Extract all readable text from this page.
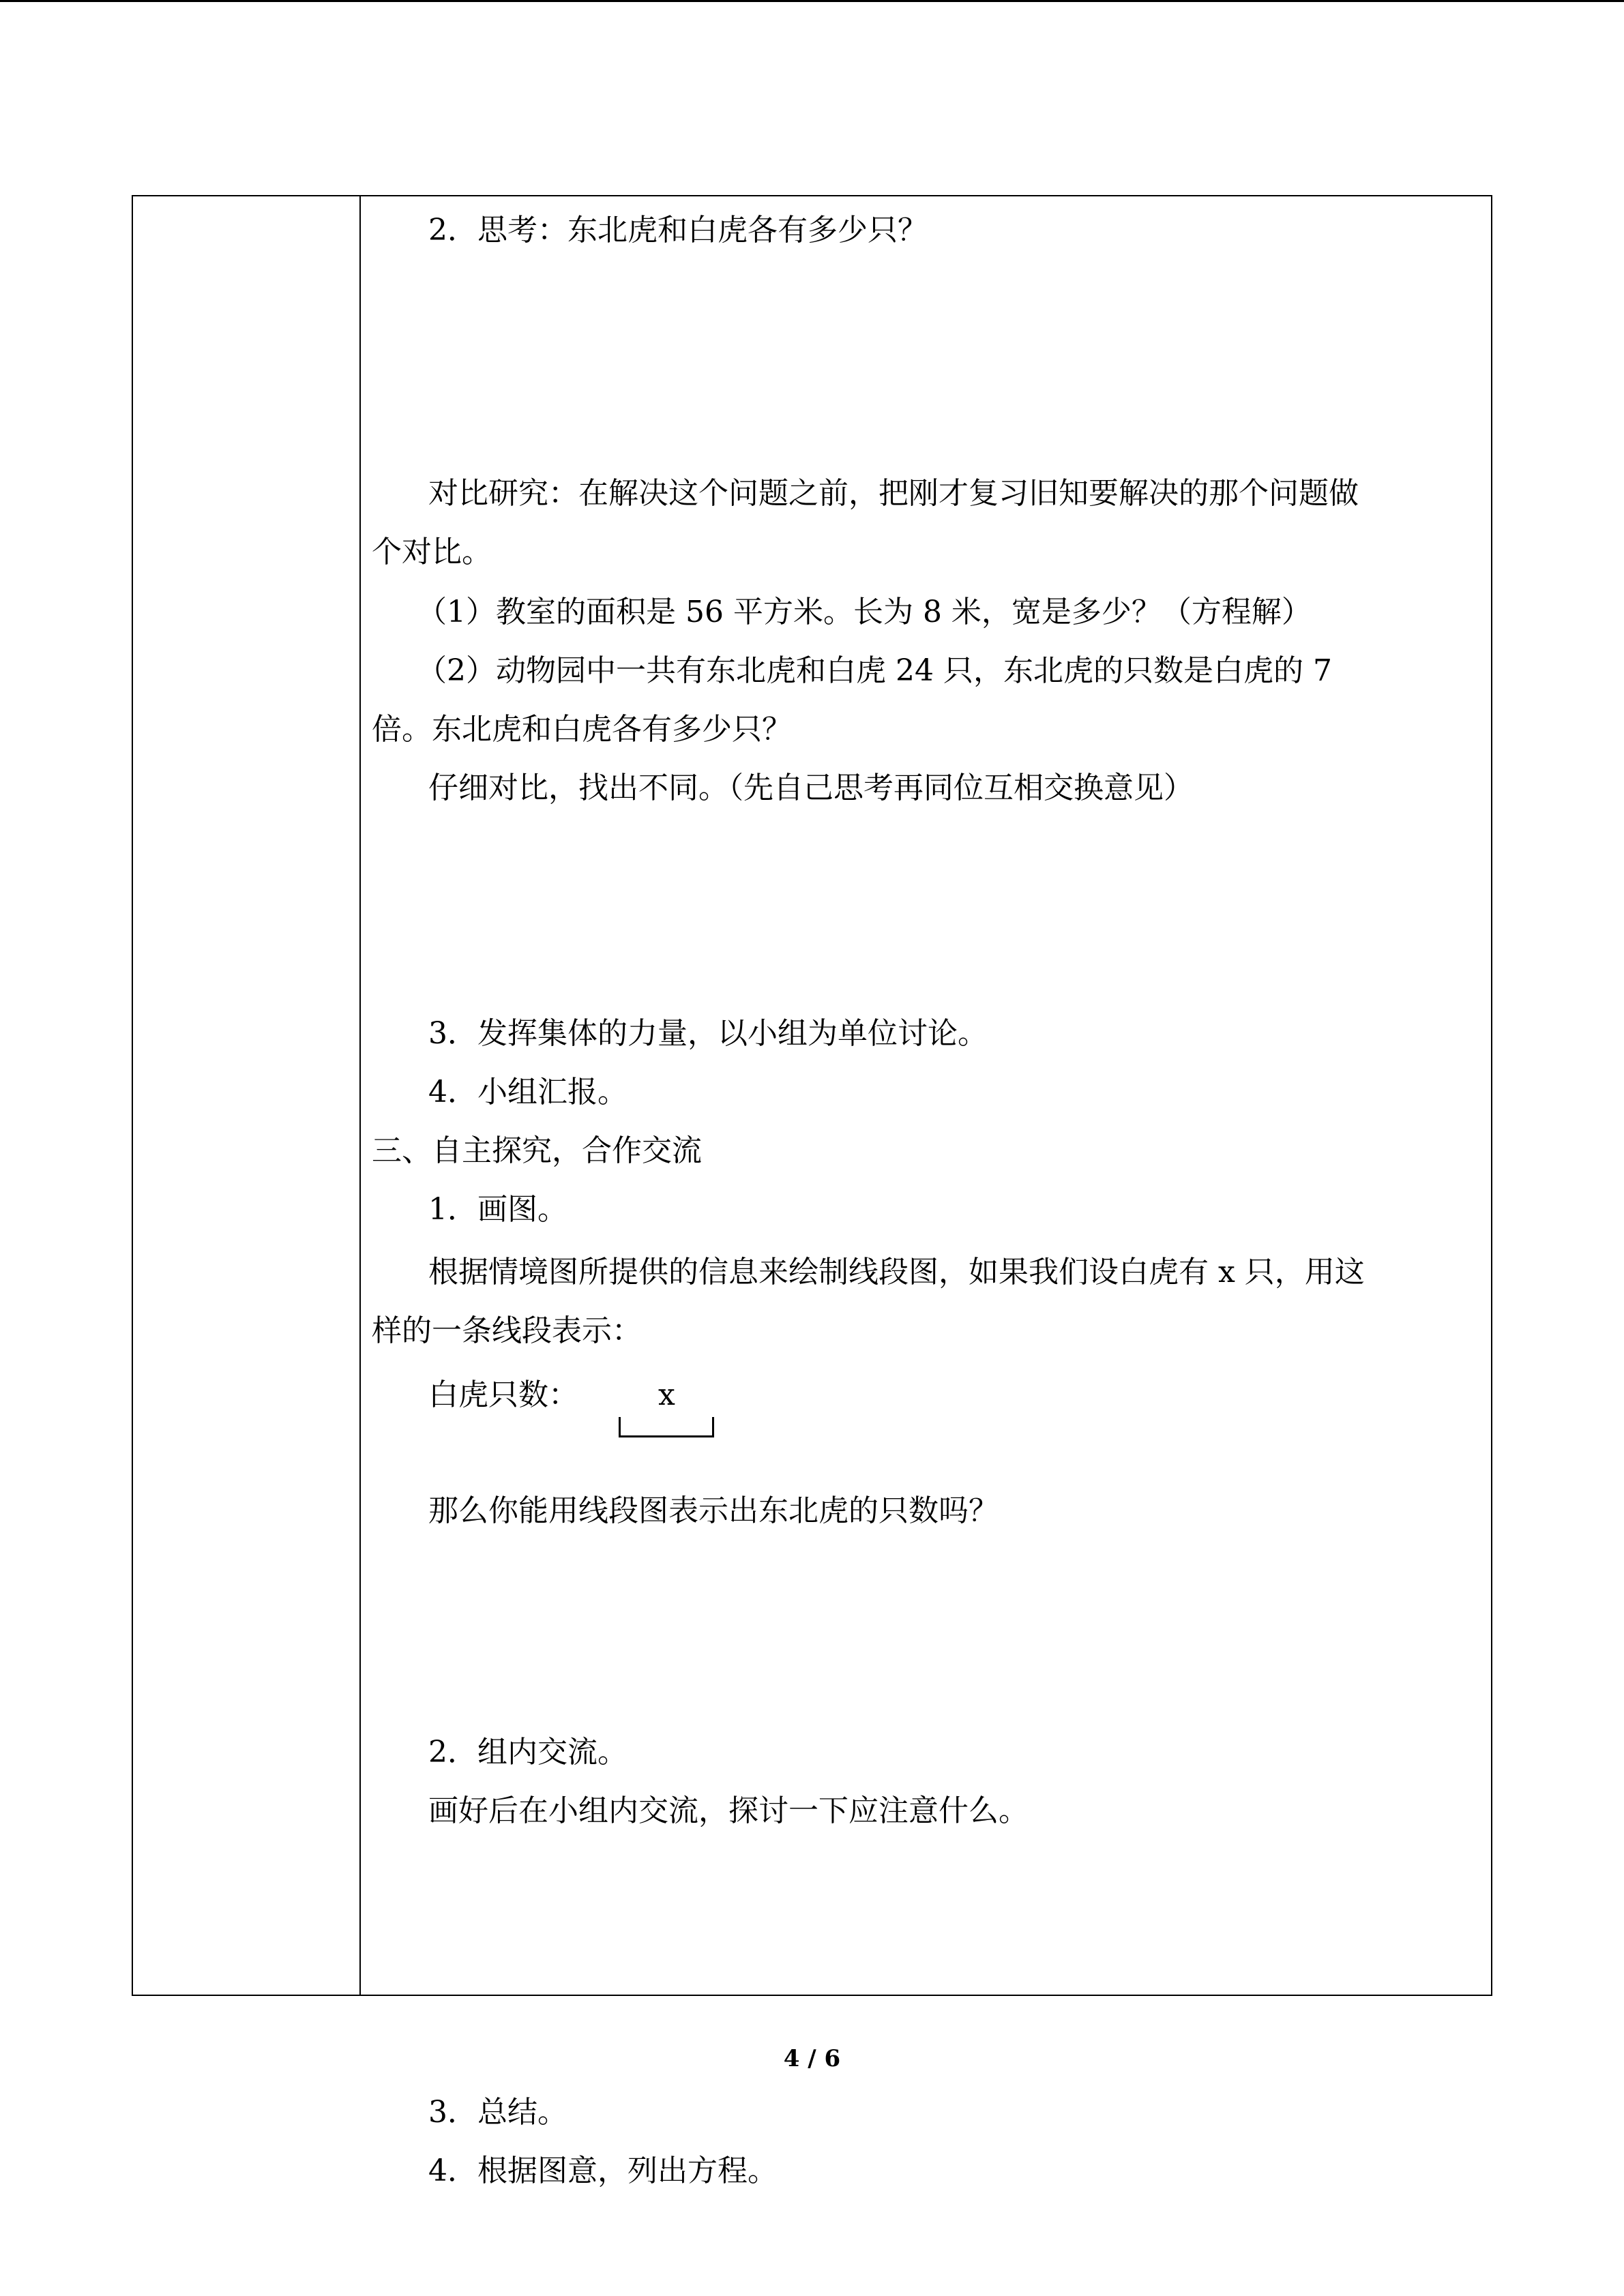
2．思考：东北虎和白虎各有多少只？
对比研究：在解决这个问题之前，把刚才复习旧知要解决的那个问题做
个对比。
（1）教室的面积是 56 平方米。长为 8 米，宽是多少？（方程解）
（2）动物园中一共有东北虎和白虎 24 只，东北虎的只数是白虎的 7
倍。东北虎和白虎各有多少只？
仔细对比，找出不同。（先自己思考再同位互相交换意见）
3．发挥集体的力量，以小组为单位讨论。
4．小组汇报。
三、自主探究，合作交流
1．画图。
根据情境图所提供的信息来绘制线段图，如果我们设白虎有 x 只，用这
样的一条线段表示：
白虎只数：	x
那么你能用线段图表示出东北虎的只数吗？
2．组内交流。
画好后在小组内交流，探讨一下应注意什么。
3．总结。
4．根据图意，列出方程。
4 / 6
